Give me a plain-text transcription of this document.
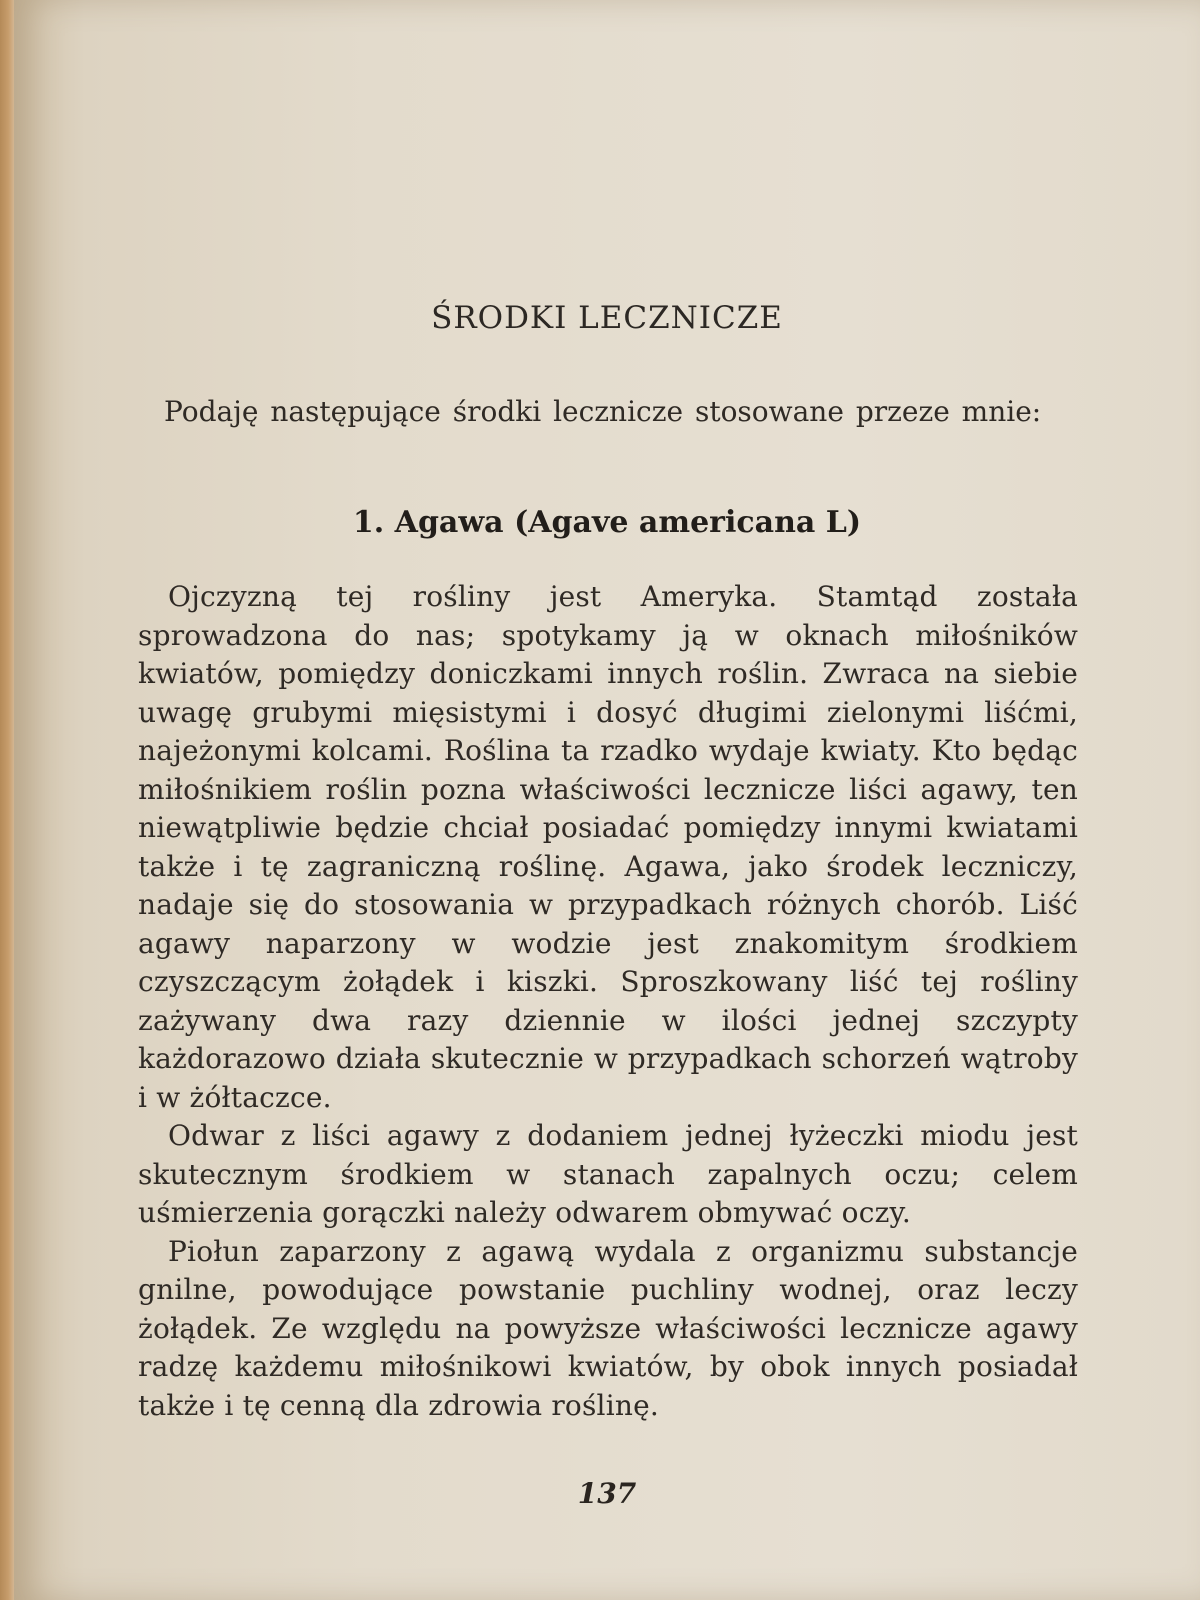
ŚRODKI LECZNICZE

Podaję następujące środki lecznicze stosowane przeze mnie:

1. Agawa (Agave americana L)

Ojczyzną tej rośliny jest Ameryka. Stamtąd została sprowadzona do nas; spotykamy ją w oknach miłośników kwiatów, pomiędzy doniczkami innych roślin. Zwraca na siebie uwagę grubymi mięsistymi i dosyć długimi zielonymi liśćmi, najeżonymi kolcami. Roślina ta rzadko wydaje kwiaty. Kto będąc miłośnikiem roślin pozna właściwości lecznicze liści agawy, ten niewątpliwie będzie chciał posiadać pomiędzy innymi kwiatami także i tę zagraniczną roślinę. Agawa, jako środek leczniczy, nadaje się do stosowania w przypadkach różnych chorób. Liść agawy naparzony w wodzie jest znakomitym środkiem czyszczącym żołądek i kiszki. Sproszkowany liść tej rośliny zażywany dwa razy dziennie w ilości jednej szczypty każdorazowo działa skutecznie w przypadkach schorzeń wątroby i w żółtaczce.

Odwar z liści agawy z dodaniem jednej łyżeczki miodu jest skutecznym środkiem w stanach zapalnych oczu; celem uśmierzenia gorączki należy odwarem obmywać oczy.

Piołun zaparzony z agawą wydala z organizmu substancje gnilne, powodujące powstanie puchliny wodnej, oraz leczy żołądek. Ze względu na powyższe właściwości lecznicze agawy radzę każdemu miłośnikowi kwiatów, by obok innych posiadał także i tę cenną dla zdrowia roślinę.

137
